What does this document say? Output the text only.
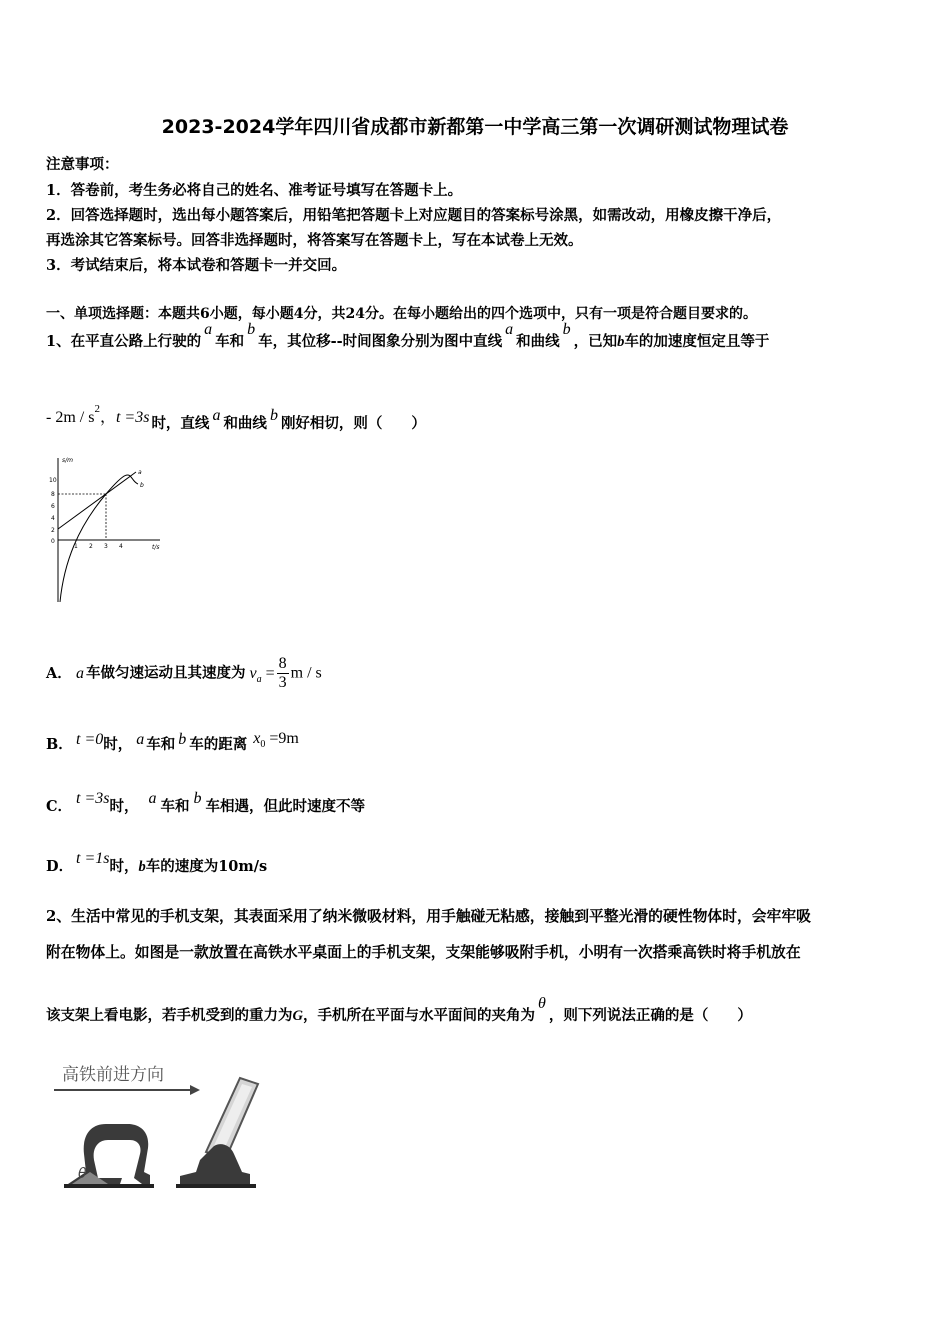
2023-2024学年四川省成都市新都第一中学高三第一次调研测试物理试卷
注意事项：
1．答卷前，考生务必将自己的姓名、准考证号填写在答题卡上。
2．回答选择题时，选出每小题答案后，用铅笔把答题卡上对应题目的答案标号涂黑，如需改动，用橡皮擦干净后，
再选涂其它答案标号。回答非选择题时，将答案写在答题卡上，写在本试卷上无效。
3．考试结束后，将本试卷和答题卡一并交回。
一、单项选择题：本题共6小题，每小题4分，共24分。在每小题给出的四个选项中，只有一项是符合题目要求的。
1、在平直公路上行驶的a车和b车，其位移--时间图象分别为图中直线a和曲线b，已知b车的加速度恒定且等于
- $2m / s^2$，t =3s 时，直线 a 和曲线 b 刚好相切，则（　　）
s/m
t/s
10
8
6
4
2
0
1 2 3 4
a
b
A． a 车做匀速运动且其速度为 $v_a = \frac{8}{3}$ m / s
B． t =0时， a 车和 b 车的距离 x0 =9m
C． t =3s时， a 车和 b 车相遇，但此时速度不等
D． t =1s时，b车的速度为10m/s
2、生活中常见的手机支架，其表面采用了纳米微吸材料，用手触碰无粘感，接触到平整光滑的硬性物体时，会牢牢吸
附在物体上。如图是一款放置在高铁水平桌面上的手机支架，支架能够吸附手机，小明有一次搭乘高铁时将手机放在
该支架上看电影，若手机受到的重力为G，手机所在平面与水平面间的夹角为θ，则下列说法正确的是（　　）
高铁前进方向
θ
